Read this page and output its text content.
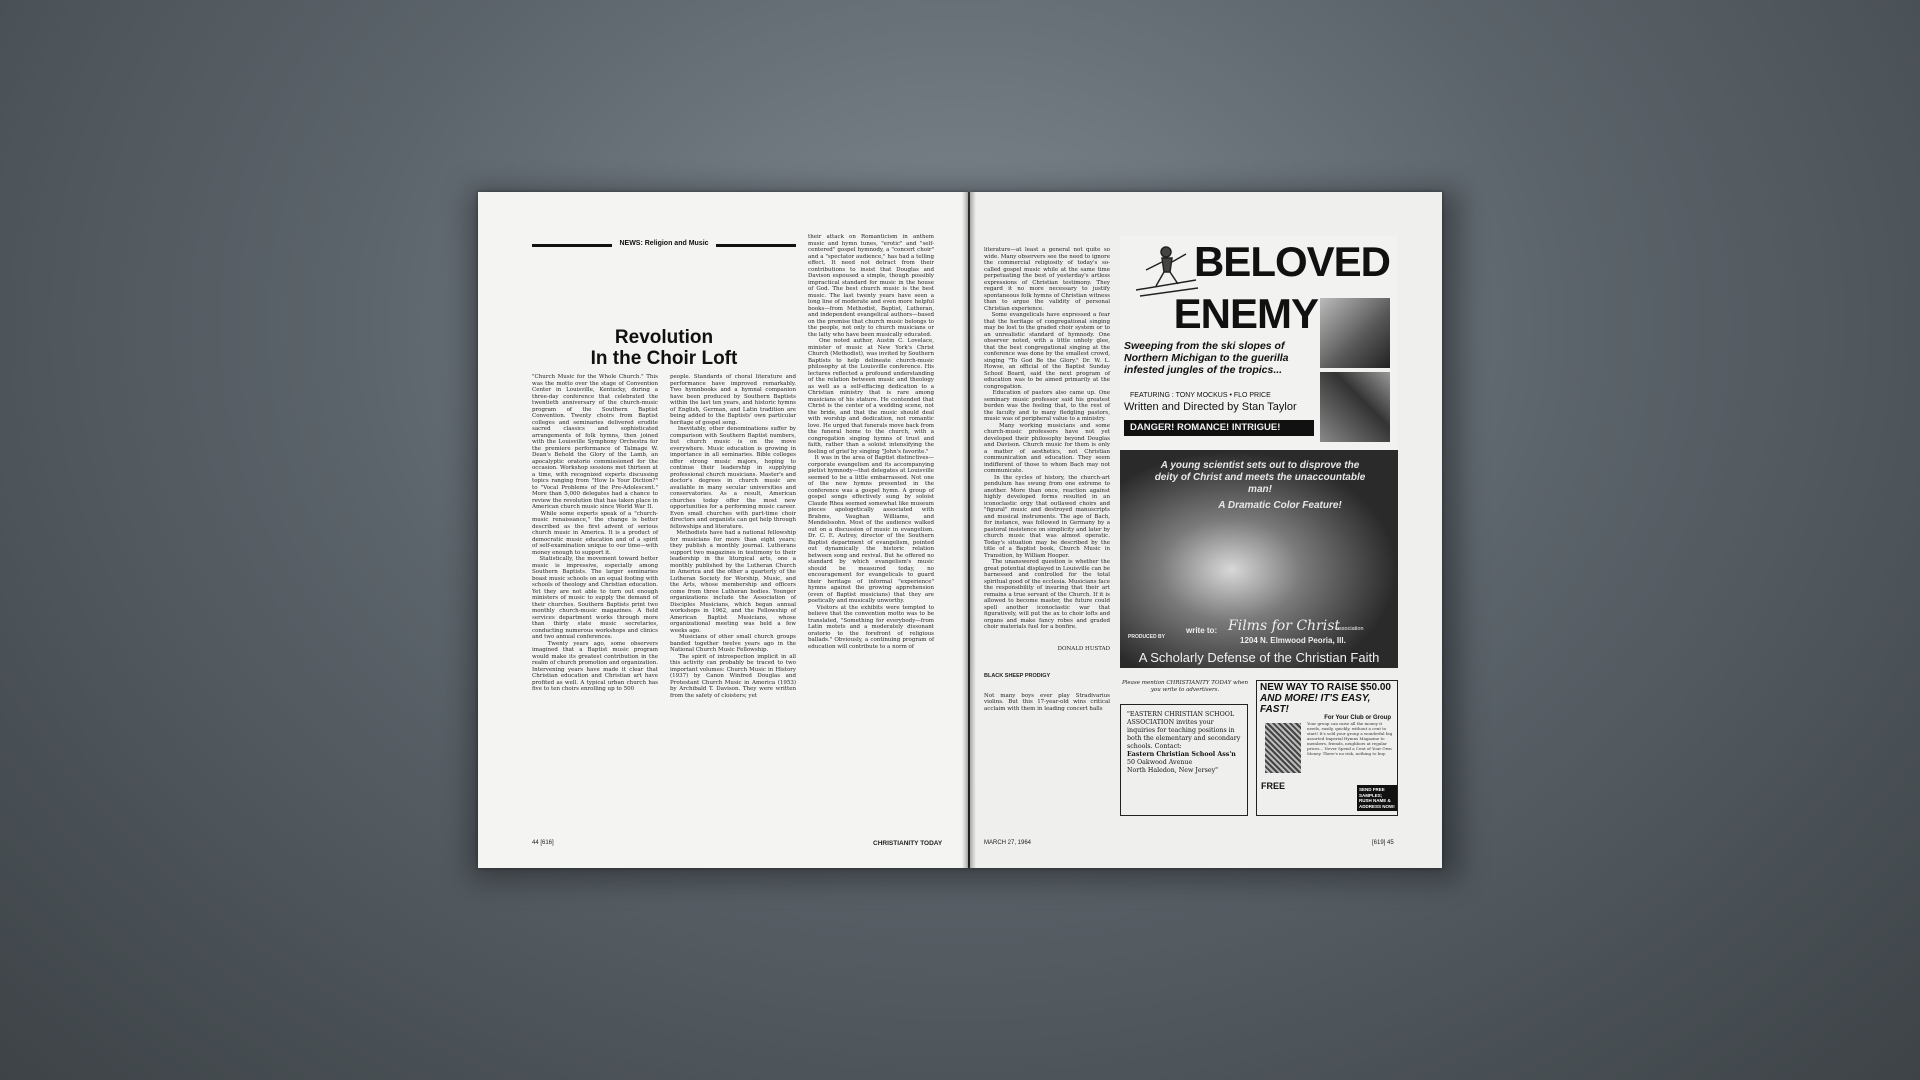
NEWS: Religion and Music
Revolution
In the Choir Loft
"Church Music for the Whole Church." This was the motto over the stage of Convention Center in Louisville, Kentucky, during a three-day conference that celebrated the twentieth anniversary of the church-music program of the Southern Baptist Convention. Twenty choirs from Baptist colleges and seminaries delivered erudite sacred classics and sophisticated arrangements of folk hymns, then joined with the Louisville Symphony Orchestra for the premiere performance of Talmage W. Dean's Behold the Glory of the Lamb, an apocalyptic oratorio commissioned for the occasion. Workshop sessions met thirteen at a time, with recognized experts discussing topics ranging from "How Is Your Diction?" to "Vocal Problems of the Pre-Adolescent." More than 5,000 delegates had a chance to review the revolution that has taken place in American church music since World War II.
While some experts speak of a "church-music renaissance," the change is better described as the first advent of serious church music in America. It is a product of democratic music education and of a spirit of self-examination unique to our time—with money enough to support it.
Statistically, the movement toward better music is impressive, especially among Southern Baptists. The larger seminaries boast music schools on an equal footing with schools of theology and Christian education. Yet they are not able to turn out enough ministers of music to supply the demand of their churches. Southern Baptists print two monthly church-music magazines. A field services department works through more than thirty state music secretaries, conducting numerous workshops and clinics and two annual conferences.
Twenty years ago, some observers imagined that a Baptist music program would make its greatest contribution in the realm of church promotion and organization. Intervening years have made it clear that Christian education and Christian art have profited as well. A typical urban church has five to ten choirs enrolling up to 500
people. Standards of choral literature and performance have improved remarkably. Two hymnbooks and a hymnal companion have been produced by Southern Baptists within the last ten years, and historic hymns of English, German, and Latin tradition are being added to the Baptists' own particular heritage of gospel song.
Inevitably, other denominations suffer by comparison with Southern Baptist numbers, but church music is on the move everywhere. Music education is growing in importance in all seminaries. Bible colleges offer strong music majors, hoping to continue their leadership in supplying professional church musicians. Master's and doctor's degrees in church music are available in many secular universities and conservatories. As a result, American churches today offer the most new opportunities for a performing music career. Even small churches with part-time choir directors and organists can get help through fellowships and literature.
Methodists have had a national fellowship for musicians for more than eight years; they publish a monthly journal. Lutherans support two magazines in testimony to their leadership in the liturgical arts, one a monthly published by the Lutheran Church in America and the other a quarterly of the Lutheran Society for Worship, Music, and the Arts, whose membership and officers come from three Lutheran bodies. Younger organizations include the Association of Disciples Musicians, which began annual workshops in 1962, and the Fellowship of American Baptist Musicians, whose organizational meeting was held a few weeks ago.
Musicians of other small church groups banded together twelve years ago in the National Church Music Fellowship.
The spirit of introspection implicit in all this activity can probably be traced to two important volumes: Church Music in History (1937) by Canon Winfred Douglas and Protestant Church Music in America (1953) by Archibald T. Davison. They were written from the safety of cloisters; yet
their attack on Romanticism in anthem music and hymn tunes, "erotic" and "self-centered" gospel hymnody, a "concert choir" and a "spectator audience," has had a telling effect. It need not detract from their contributions to insist that Douglas and Davison espoused a simple, though possibly impractical standard for music in the house of God. The best church music is the best music. The last twenty years have seen a long line of moderate and even more helpful books—from Methodist, Baptist, Lutheran, and independent evangelical authors—based on the premise that church music belongs to the people, not only to church musicians or the laity who have been musically educated.
One noted author, Austin C. Lovelace, minister of music at New York's Christ Church (Methodist), was invited by Southern Baptists to help delineate church-music philosophy at the Louisville conference. His lectures reflected a profound understanding of the relation between music and theology as well as a self-effacing dedication to a Christian ministry that is rare among musicians of his stature. He contended that Christ is the center of a wedding scene, not the bride, and that the music should deal with worship and dedication, not romantic love. He urged that funerals move back from the funeral home to the church, with a congregation singing hymns of trust and faith, rather than a soloist intensifying the feeling of grief by singing "John's favorite."
It was in the area of Baptist distinctives—corporate evangelism and its accompanying pietist hymnody—that delegates at Louisville seemed to be a little embarrassed. Not one of the new hymns presented in the conference was a gospel hymn. A group of gospel songs effectively sung by soloist Claude Rhea seemed somewhat like museum pieces apologetically associated with Brahms, Vaughan Williams, and Mendelssohn. Most of the audience walked out on a discussion of music in evangelism. Dr. C. E. Autrey, director of the Southern Baptist department of evangelism, pointed out dynamically the historic relation between song and revival. But he offered no standard by which evangelism's music should be measured today, no encouragement for evangelicals to guard their heritage of informal "experience" hymns against the growing apprehension (even of Baptist musicians) that they are poetically and musically unworthy.
Visitors at the exhibits were tempted to believe that the convention motto was to be translated, "Something for everybody—from Latin motets and a moderately dissonant oratorio to the forefront of religious ballads." Obviously, a continuing program of education will contribute to a norm of
44 [616]	CHRISTIANITY TODAY

literature—at least a general not quite so wide. Many observers see the need to ignore the commercial religiosity of today's so-called gospel music while at the same time perpetuating the best of yesterday's artless expressions of Christian testimony. They regard it no more necessary to justify spontaneous folk hymns of Christian witness than to argue the validity of personal Christian experience.
Some evangelicals have expressed a fear that the heritage of congregational singing may be lost to the graded choir system or to an unrealistic standard of hymnody. One observer noted, with a little unholy glee, that the best congregational singing at the conference was done by the smallest crowd, singing "To God Be the Glory." Dr. W. L. Howse, an official of the Baptist Sunday School Board, said the next program of education was to be aimed primarily at the congregation.
Education of pastors also came up. One seminary music professor said his greatest burden was the feeling that, to the rest of the faculty and to many fledgling pastors, music was of peripheral value to a ministry.
Many working musicians and some church-music professors have not yet developed their philosophy beyond Douglas and Davison. Church music for them is only a matter of aesthetics, not Christian communication and education. They seem indifferent of those to whom Bach may not communicate.
In the cycles of history, the church-art pendulum has swung from one extreme to another. More than once, reaction against highly developed forms resulted in an iconoclastic orgy that outlawed choirs and "figural" music and destroyed manuscripts and musical instruments. The age of Bach, for instance, was followed in Germany by a pastoral insistence on simplicity and later by church music that was almost operatic. Today's situation may be described by the title of a Baptist book, Church Music in Transition, by William Hooper.
The unanswered question is whether the great potential displayed in Louisville can be harnessed and controlled for the total spiritual good of the ecclesia. Musicians face the responsibility of insuring that their art remains a true servant of the Church. If it is allowed to become master, the future could spell another iconoclastic war that figuratively, will put the ax to choir lofts and organs and make fancy robes and graded choir materials fuel for a bonfire.

DONALD HUSTAD

BLACK SHEEP PRODIGY

Not many boys ever play Stradivarius violins. But this 17-year-old wins critical acclaim with them in leading concert halls

BELOVED
ENEMY
Sweeping from the ski slopes of Northern Michigan to the guerilla infested jungles of the tropics...
FEATURING : TONY MOCKUS • FLO PRICE
Written and Directed by Stan Taylor
DANGER! ROMANCE! INTRIGUE!
A young scientist sets out to disprove the deity of Christ and meets the unaccountable man!
A Dramatic Color Feature!
PRODUCED BY
write to: Films for Christ
association
1204 N. Elmwood Peoria, Ill.
A Scholarly Defense of the Christian Faith
Please mention CHRISTIANITY TODAY when you write to advertisers.
"EASTERN CHRISTIAN SCHOOL ASSOCIATION invites your inquiries for teaching positions in both the elementary and secondary schools. Contact:
Eastern Christian School Ass'n
50 Oakwood Avenue
North Haledon, New Jersey"
NEW WAY TO RAISE $50.00
AND MORE! IT'S EASY, FAST!
For Your Club or Group
Your group can raise all the money it needs, easily, quickly, without a cent to start! It's sold your group a wonderful big assorted Imperial Hymns Magazine to members, friends, neighbors at regular prices... Never Spend a Cent of Your Own Money. There's no risk, nothing to buy.
FREE	SEND FREE SAMPLES; RUSH NAME & ADDRESS NOW!
MARCH 27, 1964	[619] 45
